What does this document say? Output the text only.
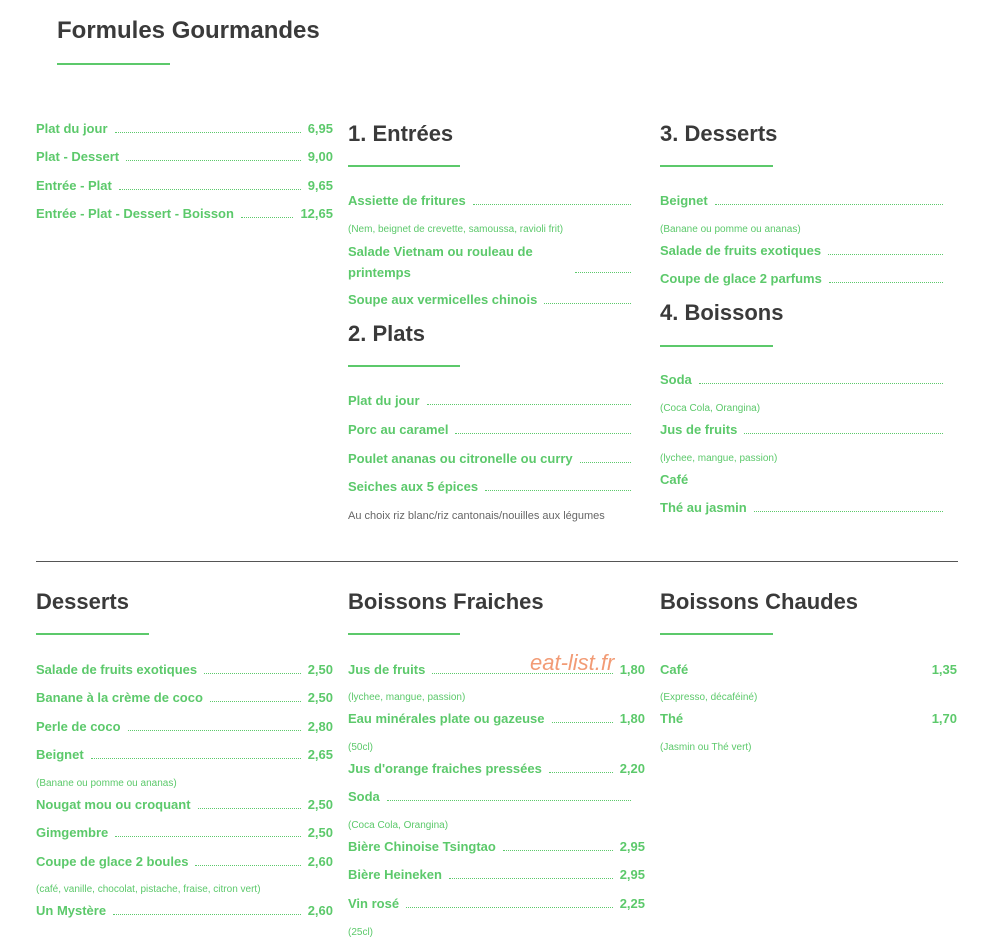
Formules Gourmandes
Plat du jour	6,95
Plat - Dessert	9,00
Entrée - Plat	9,65
Entrée - Plat - Dessert - Boisson	12,65
1. Entrées
Assiette de fritures
(Nem, beignet de crevette, samoussa, ravioli frit)
Salade Vietnam ou rouleau de printemps
Soupe aux vermicelles chinois
2. Plats
Plat du jour
Porc au caramel
Poulet ananas ou citronelle ou curry
Seiches aux 5 épices
Au choix riz blanc/riz cantonais/nouilles aux légumes
3. Desserts
Beignet
(Banane ou pomme ou ananas)
Salade de fruits exotiques
Coupe de glace 2 parfums
4. Boissons
Soda
(Coca Cola, Orangina)
Jus de fruits
(lychee, mangue, passion)
Café
Thé au jasmin
Desserts
Salade de fruits exotiques	2,50
Banane à la crème de coco	2,50
Perle de coco	2,80
Beignet	2,65
(Banane ou pomme ou ananas)
Nougat mou ou croquant	2,50
Gimgembre	2,50
Coupe de glace 2 boules	2,60
(café, vanille, chocolat, pistache, fraise, citron vert)
Un Mystère	2,60
Boissons Fraiches
Jus de fruits	1,80
(lychee, mangue, passion)
Eau minérales plate ou gazeuse	1,80
(50cl)
Jus d'orange fraiches pressées	2,20
Soda
(Coca Cola, Orangina)
Bière Chinoise Tsingtao	2,95
Bière Heineken	2,95
Vin rosé	2,25
(25cl)
Boissons Chaudes
Café	1,35
(Expresso, décaféiné)
Thé	1,70
(Jasmin ou Thé vert)
eat-list.fr
